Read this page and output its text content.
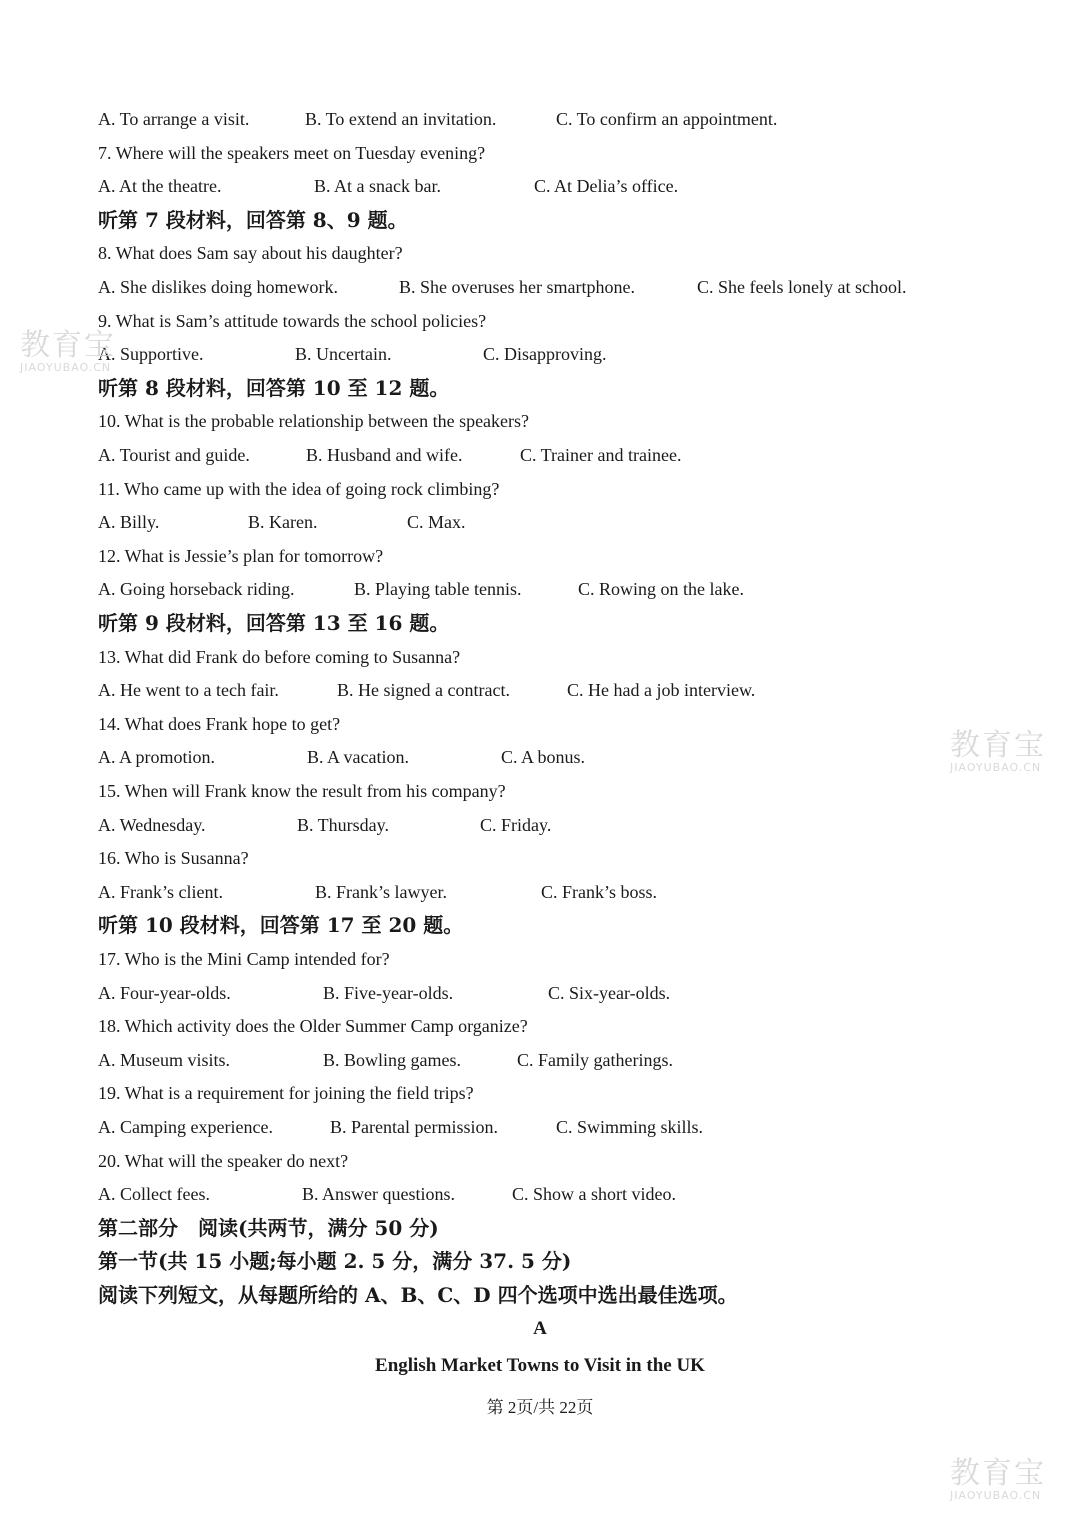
A. To arrange a visit.	B. To extend an invitation.	C. To confirm an appointment.
7. Where will the speakers meet on Tuesday evening?
A. At the theatre.	B. At a snack bar.	C. At Delia’s office.
听第 7 段材料，回答第 8、9 题。
8. What does Sam say about his daughter?
A. She dislikes doing homework.	B. She overuses her smartphone.	C. She feels lonely at school.
9. What is Sam’s attitude towards the school policies?
A. Supportive.	B. Uncertain.	C. Disapproving.
听第 8 段材料，回答第 10 至 12 题。
10. What is the probable relationship between the speakers?
A. Tourist and guide.	B. Husband and wife.	C. Trainer and trainee.
11. Who came up with the idea of going rock climbing?
A. Billy.	B. Karen.	C. Max.
12. What is Jessie’s plan for tomorrow?
A. Going horseback riding.	B. Playing table tennis.	C. Rowing on the lake.
听第 9 段材料，回答第 13 至 16 题。
13. What did Frank do before coming to Susanna?
A. He went to a tech fair.	B. He signed a contract.	C. He had a job interview.
14. What does Frank hope to get?
A. A promotion.	B. A vacation.	C. A bonus.
15. When will Frank know the result from his company?
A. Wednesday.	B. Thursday.	C. Friday.
16. Who is Susanna?
A. Frank’s client.	B. Frank’s lawyer.	C. Frank’s boss.
听第 10 段材料，回答第 17 至 20 题。
17. Who is the Mini Camp intended for?
A. Four-year-olds.	B. Five-year-olds.	C. Six-year-olds.
18. Which activity does the Older Summer Camp organize?
A. Museum visits.	B. Bowling games.	C. Family gatherings.
19. What is a requirement for joining the field trips?
A. Camping experience.	B. Parental permission.	C. Swimming skills.
20. What will the speaker do next?
A. Collect fees.	B. Answer questions.	C. Show a short video.
第二部分　阅读(共两节，满分 50 分)
第一节(共 15 小题;每小题 2. 5 分，满分 37. 5 分)
阅读下列短文，从每题所给的 A、B、C、D 四个选项中选出最佳选项。
A
English Market Towns to Visit in the UK
第 2页/共 22页
教育宝
JIAOYUBAO.CN
教育宝
JIAOYUBAO.CN
教育宝
JIAOYUBAO.CN
